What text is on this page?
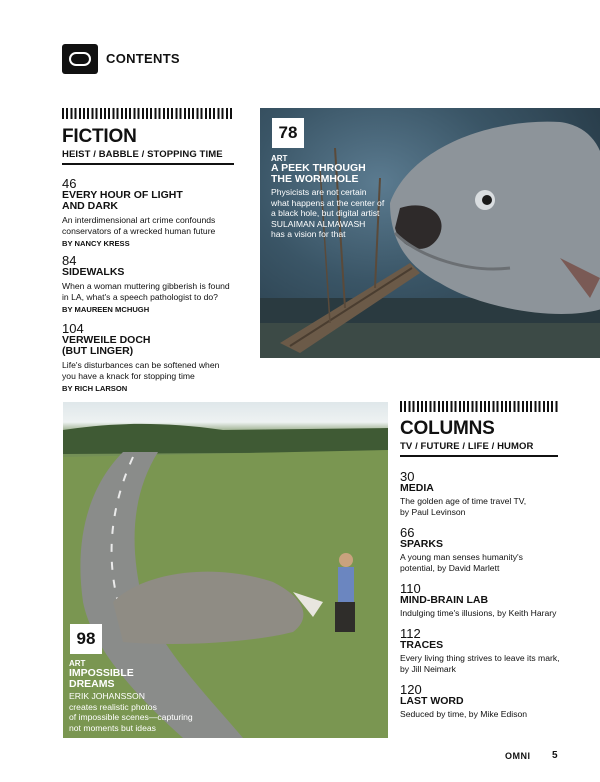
CONTENTS
FICTION
HEIST / BABBLE / STOPPING TIME
46
EVERY HOUR OF LIGHT
AND DARK
An interdimensional art crime confounds
conservators of a wrecked human future
BY NANCY KRESS
84
SIDEWALKS
When a woman muttering gibberish is found
in LA, what's a speech pathologist to do?
BY MAUREEN MCHUGH
104
VERWEILE DOCH
(BUT LINGER)
Life's disturbances can be softened when
you have a knack for stopping time
BY RICH LARSON
78
ART
A PEEK THROUGH
THE WORMHOLE
Physicists are not certain
what happens at the center of
a black hole, but digital artist
SULAIMAN ALMAWASH
has a vision for that
98
ART
IMPOSSIBLE
DREAMS
ERIK JOHANSSON
creates realistic photos
of impossible scenes—capturing
not moments but ideas
COLUMNS
TV / FUTURE / LIFE / HUMOR
30
MEDIA
The golden age of time travel TV,
by Paul Levinson
66
SPARKS
A young man senses humanity's
potential, by David Marlett
110
MIND-BRAIN LAB
Indulging time's illusions, by Keith Harary
112
TRACES
Every living thing strives to leave its mark,
by Jill Neimark
120
LAST WORD
Seduced by time, by Mike Edison
OMNI 5
